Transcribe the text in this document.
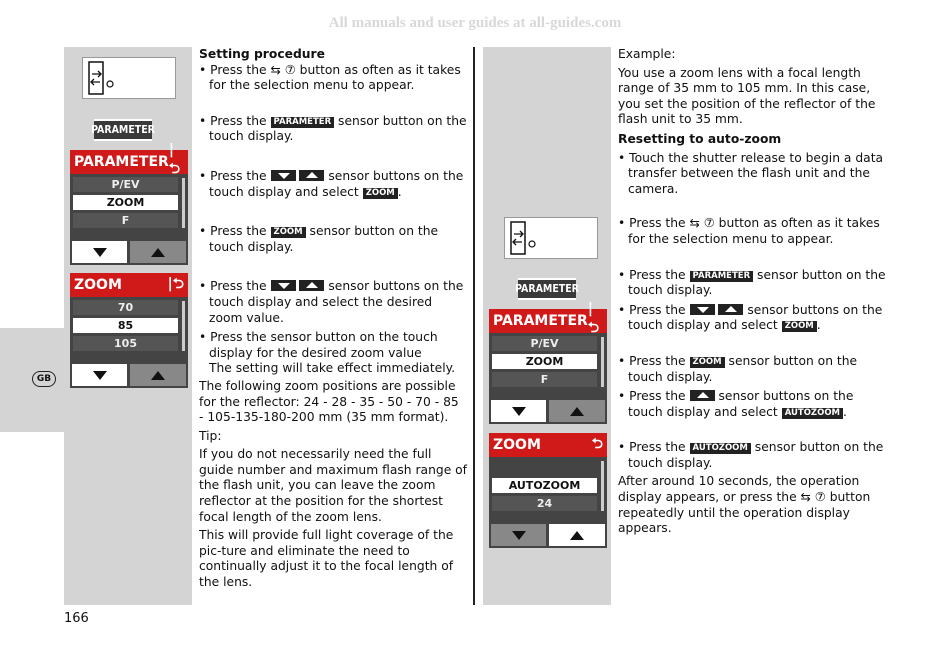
All manuals and user guides at all-guides.com
GB
PARAMETER
PARAMETER
|⮌
P/EV
ZOOM
F
ZOOM	|⮌
70
85
105

Setting procedure

• Press the ⇆ ⑦ button as often as it takes for the selection menu to appear.

• Press the PARAMETER sensor button on the touch display.

• Press the	sensor buttons on the touch display and select ZOOM .

• Press the ZOOM sensor button on the touch display.

• Press the	sensor buttons on the touch display and select the desired zoom value.

• Press the sensor button on the touch display for the desired zoom value

The setting will take effect immediately.

The following zoom positions are possible for the reflector: 24 - 28 - 35 - 50 - 70 - 85 - 105-135-180-200 mm (35 mm format).

Tip:

If you do not necessarily need the full guide number and maximum flash range of the flash unit, you can leave the zoom reflector at the position for the shortest focal length of the zoom lens.

This will provide full light coverage of the pic-ture and eliminate the need to continually adjust it to the focal length of the lens.

PARAMETER
PARAMETER
|⮌
P/EV
ZOOM
F
ZOOM	⮌
AUTOZOOM
24

Example:

You use a zoom lens with a focal length range of 35 mm to 105 mm. In this case, you set the position of the reflector of the flash unit to 35 mm.

Resetting to auto-zoom

• Touch the shutter release to begin a data transfer between the flash unit and the camera.

• Press the ⇆ ⑦ button as often as it takes for the selection menu to appear.

• Press the PARAMETER sensor button on the touch display.

• Press the	sensor buttons on the touch display and select ZOOM .

• Press the ZOOM sensor button on the touch display.

• Press the	sensor buttons on the touch display and select AUTOZOOM .

• Press the AUTOZOOM sensor button on the touch display.

After around 10 seconds, the operation display appears, or press the ⇆ ⑦ button repeatedly until the operation display appears.

166
